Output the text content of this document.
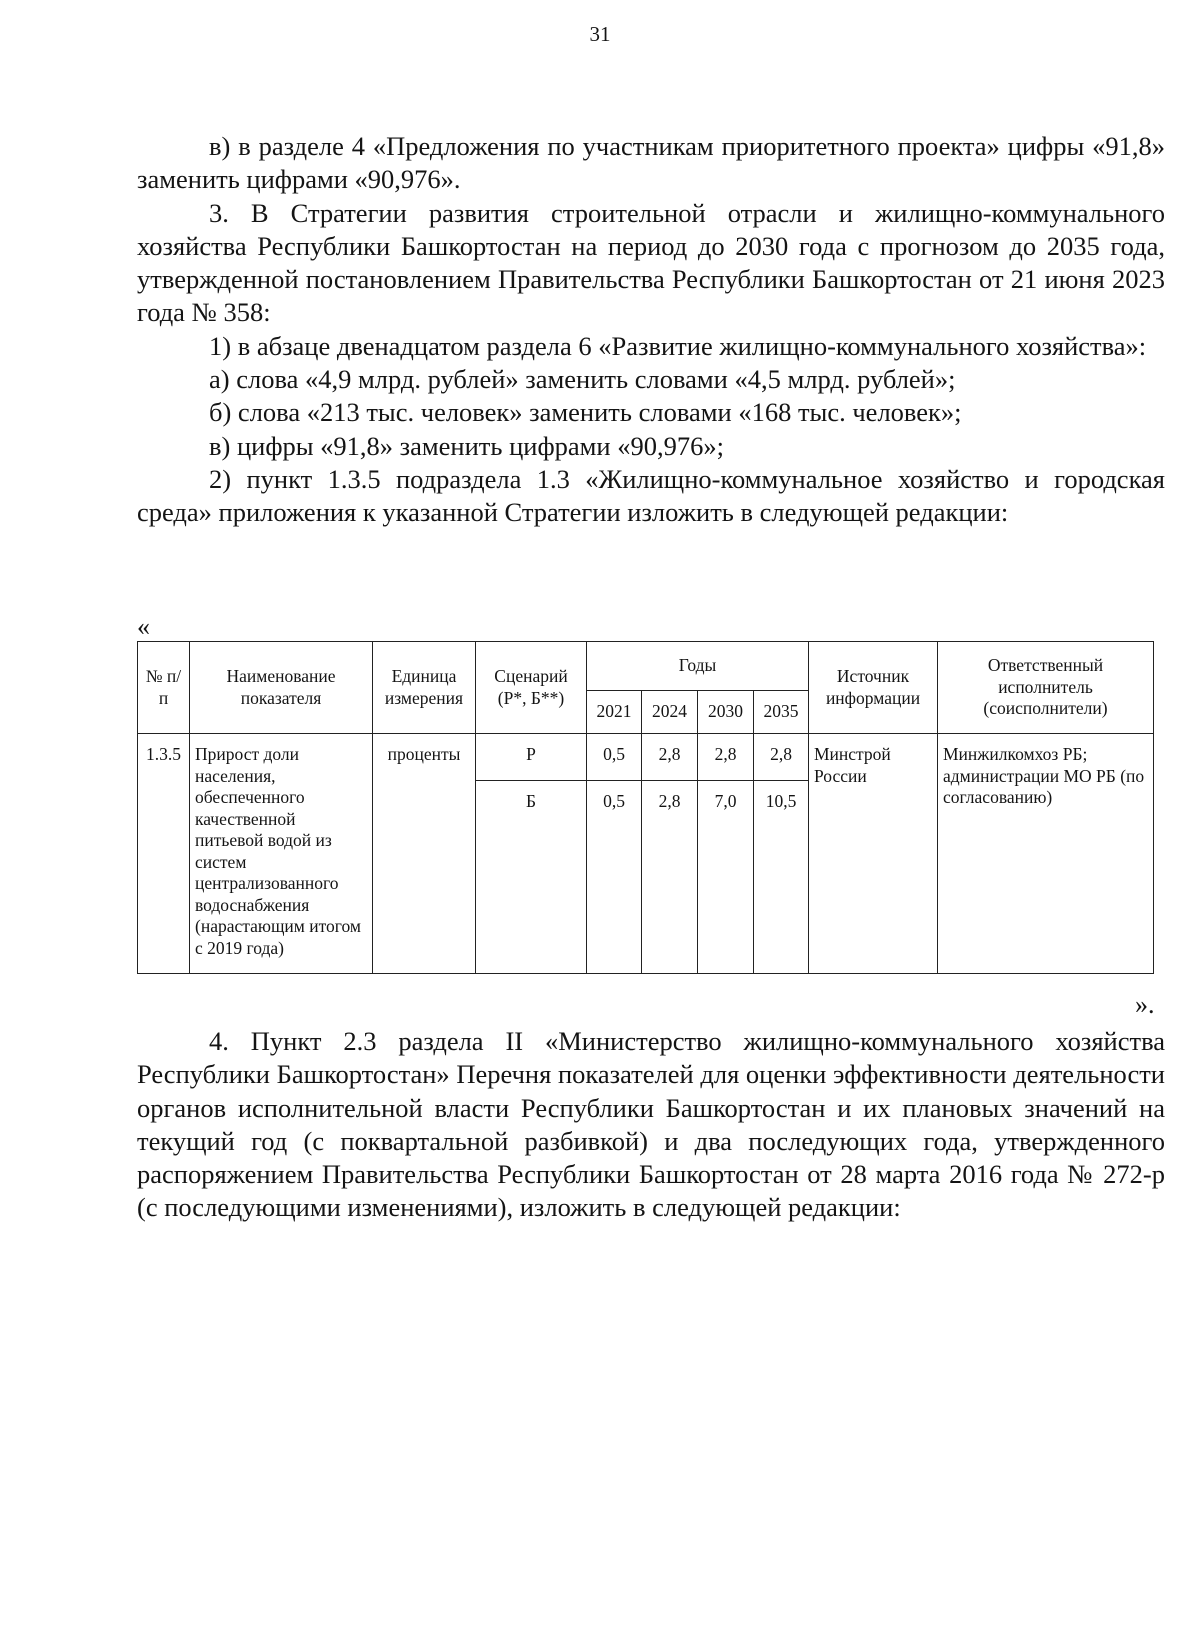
31

в) в разделе 4 «Предложения по участникам приоритетного проекта» цифры «91,8» заменить цифрами «90,976».

3. В Стратегии развития строительной отрасли и жилищно-коммунального хозяйства Республики Башкортостан на период до 2030 года с прогнозом до 2035 года, утвержденной постановлением Правительства Республики Башкортостан от 21 июня 2023 года № 358:

1) в абзаце двенадцатом раздела 6 «Развитие жилищно-коммунального хозяйства»:

а) слова «4,9 млрд. рублей» заменить словами «4,5 млрд. рублей»;

б) слова «213 тыс. человек» заменить словами «168 тыс. человек»;

в) цифры «91,8» заменить цифрами «90,976»;

2) пункт 1.3.5 подраздела 1.3 «Жилищно-коммунальное хозяйство и городская среда» приложения к указанной Стратегии изложить в следующей редакции:

«
№ п/п	Наименование показателя	Единица измерения	Сценарий (Р*, Б**)	Годы				Источник информации	Ответственный исполнитель (соисполнители)
				2021	2024	2030	2035		
1.3.5	Прирост доли населения, обеспеченного качественной питьевой водой из систем централизованного водоснабжения (нарастающим итогом с 2019 года)	проценты	Р	0,5	2,8	2,8	2,8	Минстрой России	Минжилкомхоз РБ; администрации МО РБ (по согласованию)
			Б	0,5	2,8	7,0	10,5		
».

4. Пункт 2.3 раздела II «Министерство жилищно-коммунального хозяйства Республики Башкортостан» Перечня показателей для оценки эффективности деятельности органов исполнительной власти Республики Башкортостан и их плановых значений на текущий год (с поквартальной разбивкой) и два последующих года, утвержденного распоряжением Правительства Республики Башкортостан от 28 марта 2016 года № 272-р (с последующими изменениями), изложить в следующей редакции:
